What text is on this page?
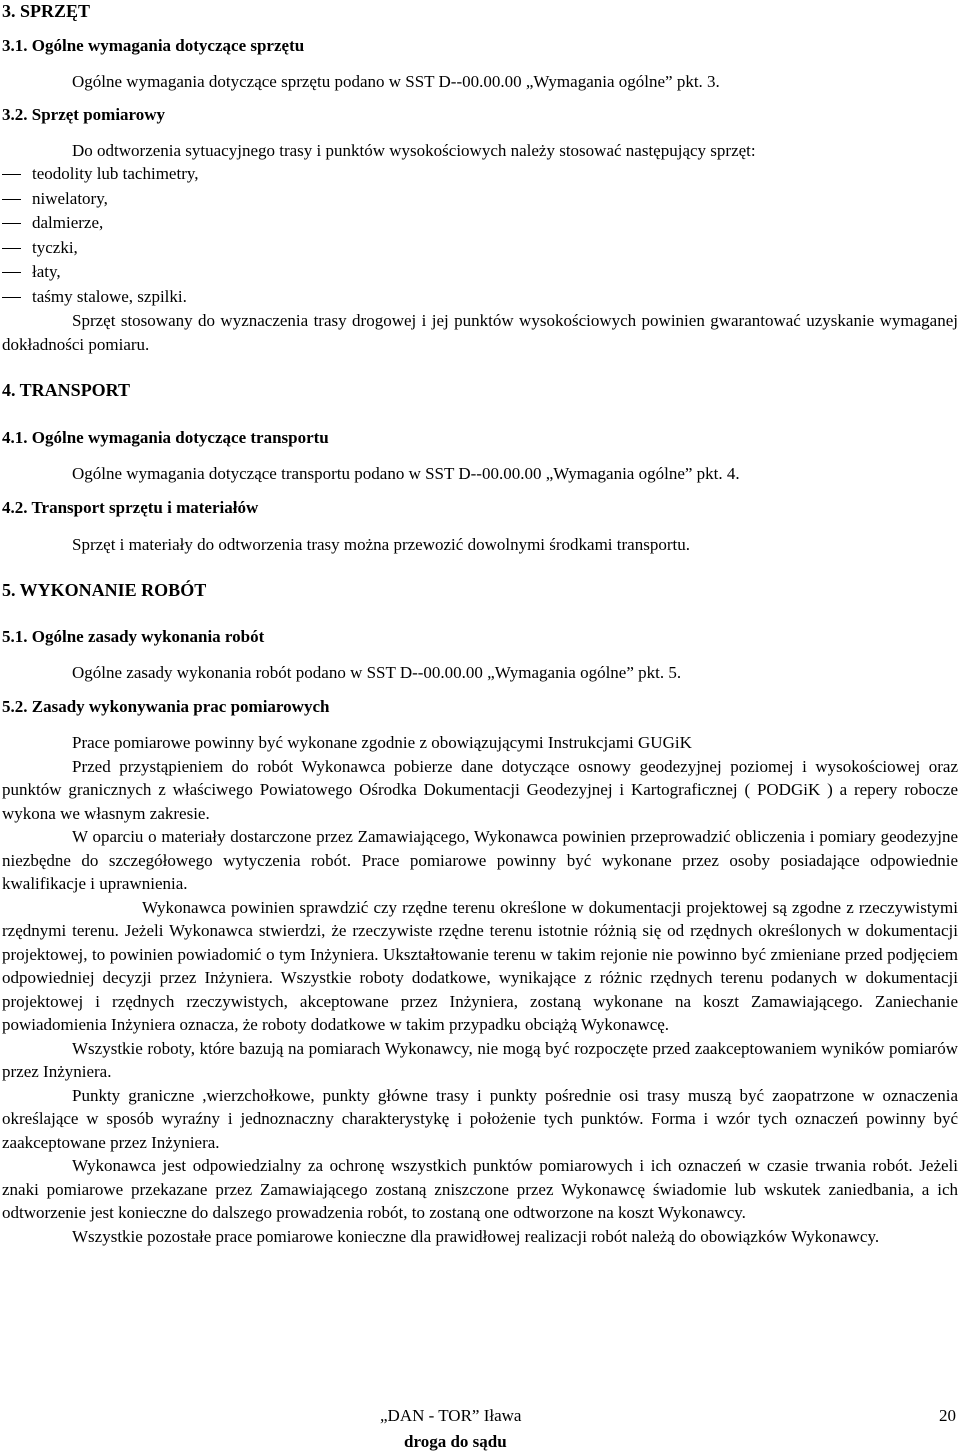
3. SPRZĘT
3.1. Ogólne wymagania dotyczące sprzętu
Ogólne wymagania dotyczące sprzętu podano w SST D--00.00.00 „Wymagania ogólne” pkt. 3.
3.2. Sprzęt pomiarowy
Do odtworzenia sytuacyjnego trasy i punktów wysokościowych należy stosować następujący sprzęt:
teodolity lub tachimetry,
niwelatory,
dalmierze,
tyczki,
łaty,
taśmy stalowe, szpilki.
Sprzęt stosowany do wyznaczenia trasy drogowej i jej punktów wysokościowych powinien gwarantować uzyskanie wymaganej dokładności pomiaru.
4. TRANSPORT
4.1. Ogólne wymagania dotyczące transportu
Ogólne wymagania dotyczące transportu podano w SST D--00.00.00 „Wymagania ogólne” pkt. 4.
4.2. Transport sprzętu i materiałów
Sprzęt i materiały do odtworzenia trasy można przewozić dowolnymi środkami transportu.
5. WYKONANIE ROBÓT
5.1. Ogólne zasady wykonania robót
Ogólne zasady wykonania robót podano w SST D--00.00.00 „Wymagania ogólne” pkt. 5.
5.2. Zasady wykonywania prac pomiarowych

Prace pomiarowe powinny być wykonane zgodnie z obowiązującymi Instrukcjami GUGiK

Przed przystąpieniem do robót Wykonawca pobierze dane dotyczące osnowy geodezyjnej poziomej i wysokościowej oraz punktów granicznych z właściwego Powiatowego Ośrodka Dokumentacji Geodezyjnej i Kartograficznej ( PODGiK ) a repery robocze wykona we własnym zakresie.

W oparciu o materiały dostarczone przez Zamawiającego, Wykonawca powinien przeprowadzić obliczenia i pomiary geodezyjne niezbędne do szczegółowego wytyczenia robót. Prace pomiarowe powinny być wykonane przez osoby posiadające odpowiednie kwalifikacje i uprawnienia.

Wykonawca powinien sprawdzić czy rzędne terenu określone w dokumentacji projektowej są zgodne z rzeczywistymi rzędnymi terenu. Jeżeli Wykonawca stwierdzi, że rzeczywiste rzędne terenu istotnie różnią się od rzędnych określonych w dokumentacji projektowej, to powinien powiadomić o tym Inżyniera. Ukształtowanie terenu w takim rejonie nie powinno być zmieniane przed podjęciem odpowiedniej decyzji przez Inżyniera. Wszystkie roboty dodatkowe, wynikające z różnic rzędnych terenu podanych w dokumentacji projektowej i rzędnych rzeczywistych, akceptowane przez Inżyniera, zostaną wykonane na koszt Zamawiającego. Zaniechanie powiadomienia Inżyniera oznacza, że roboty dodatkowe w takim przypadku obciążą Wykonawcę.

Wszystkie roboty, które bazują na pomiarach Wykonawcy, nie mogą być rozpoczęte przed zaakceptowaniem wyników pomiarów przez Inżyniera.

Punkty graniczne ,wierzchołkowe, punkty główne trasy i punkty pośrednie osi trasy muszą być zaopatrzone w oznaczenia określające w sposób wyraźny i jednoznaczny charakterystykę i położenie tych punktów. Forma i wzór tych oznaczeń powinny być zaakceptowane przez Inżyniera.

Wykonawca jest odpowiedzialny za ochronę wszystkich punktów pomiarowych i ich oznaczeń w czasie trwania robót. Jeżeli znaki pomiarowe przekazane przez Zamawiającego zostaną zniszczone przez Wykonawcę świadomie lub wskutek zaniedbania, a ich odtworzenie jest konieczne do dalszego prowadzenia robót, to zostaną one odtworzone na koszt Wykonawcy.

Wszystkie pozostałe prace pomiarowe konieczne dla prawidłowej realizacji robót należą do obowiązków Wykonawcy.

„DAN - TOR” Iława	20
droga do sądu
